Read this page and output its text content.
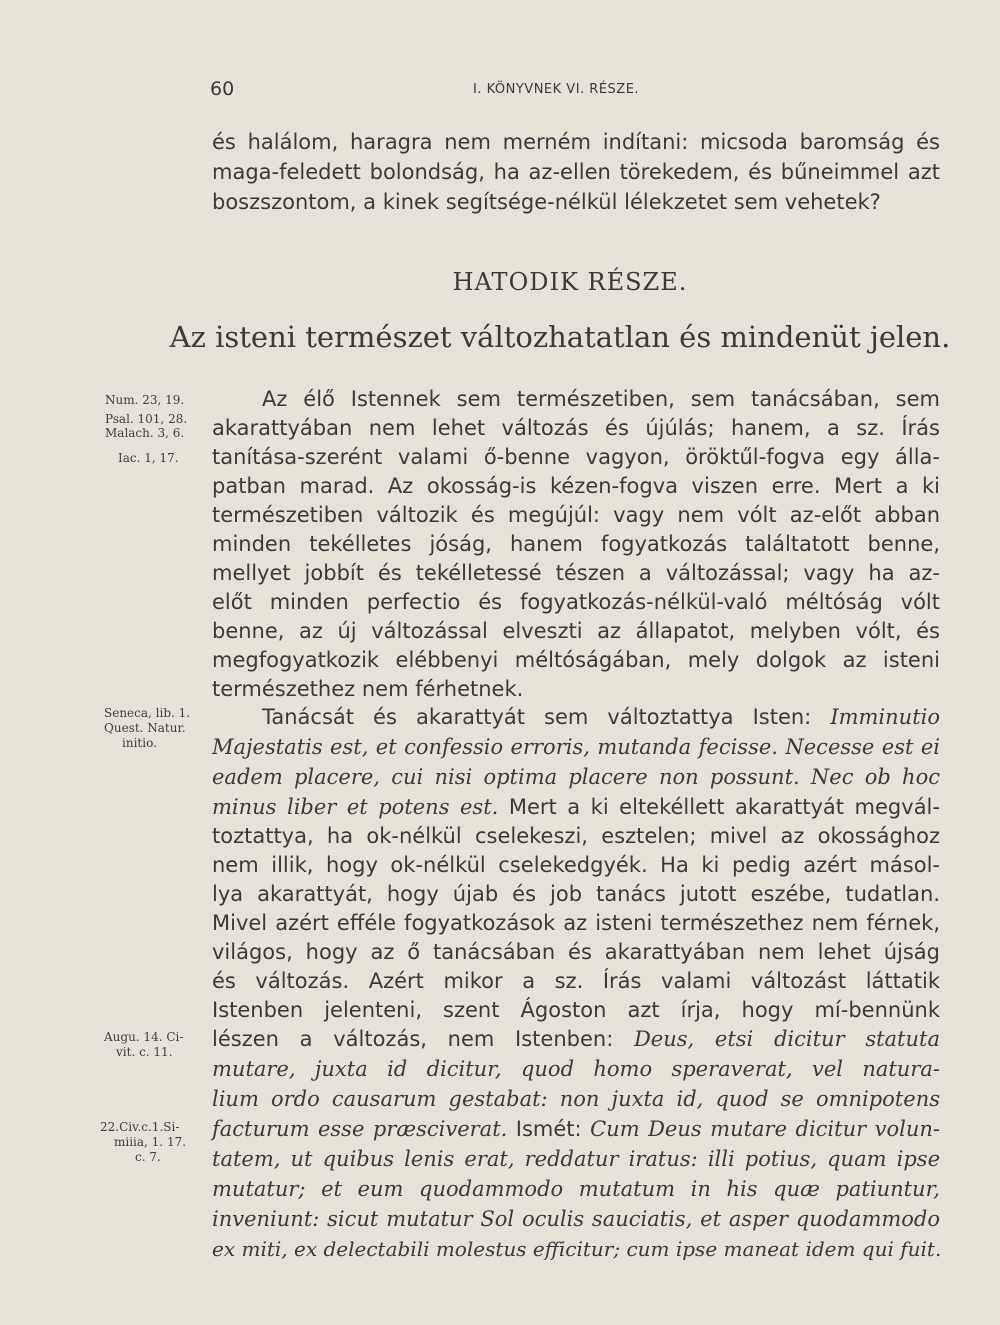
60	I. KÖNYVNEK VI. RÉSZE.
és halálom, haragra nem merném indítani: micsoda baromság és
maga-feledett bolondság, ha az-ellen törekedem, és bűneimmel azt
boszszontom, a kinek segítsége-nélkül lélekzetet sem vehetek?
HATODIK RÉSZE.
Az isteni természet változhatatlan és mindenüt jelen.
Num. 23, 19.
Psal. 101, 28.
Malach. 3, 6.
Iac. 1, 17.
Az élő Istennek sem természetiben, sem tanácsában, sem
akarattyában nem lehet változás és újúlás; hanem, a sz. Írás
tanítása-szerént valami ő-benne vagyon, öröktűl-fogva egy álla-
patban marad. Az okosság-is kézen-fogva viszen erre. Mert a ki
természetiben változik és megújúl: vagy nem vólt az-előt abban
minden tekélletes jóság, hanem fogyatkozás találtatott benne,
mellyet jobbít és tekélletessé tészen a változással; vagy ha az-
előt minden perfectio és fogyatkozás-nélkül-való méltóság vólt
benne, az új változással elveszti az állapatot, melyben vólt, és
megfogyatkozik elébbenyi méltóságában, mely dolgok az isteni
természethez nem férhetnek.
Seneca, lib. 1.
Quest. Natur.
initio.
Tanácsát és akarattyát sem változtattya Isten: Imminutio
Majestatis est, et confessio erroris, mutanda fecisse. Necesse est ei
eadem placere, cui nisi optima placere non possunt. Nec ob hoc
minus liber et potens est. Mert a ki eltekéllett akarattyát megvál-
toztattya, ha ok-nélkül cselekeszi, esztelen; mivel az okossághoz
nem illik, hogy ok-nélkül cselekedgyék. Ha ki pedig azért másol-
lya akarattyát, hogy újab és job tanács jutott eszébe, tudatlan.
Mivel azért efféle fogyatkozások az isteni természethez nem férnek,
világos, hogy az ő tanácsában és akarattyában nem lehet újság
és változás. Azért mikor a sz. Írás valami változást láttatik
Istenben jelenteni, szent Ágoston azt írja, hogy mí-bennünk
Augu. 14. Ci-
vit. c. 11.
lészen a változás, nem Istenben: Deus, etsi dicitur statuta
mutare, juxta id dicitur, quod homo speraverat, vel natura-
lium ordo causarum gestabat: non juxta id, quod se omnipotens
22.Civ.c.1.Si-
miiia, 1. 17.
c. 7.
facturum esse præsciverat. Ismét: Cum Deus mutare dicitur volun-
tatem, ut quibus lenis erat, reddatur iratus: illi potius, quam ipse
mutatur; et eum quodammodo mutatum in his quæ patiuntur,
inveniunt: sicut mutatur Sol oculis sauciatis, et asper quodammodo
ex miti, ex delectabili molestus efficitur; cum ipse maneat idem qui fuit.
